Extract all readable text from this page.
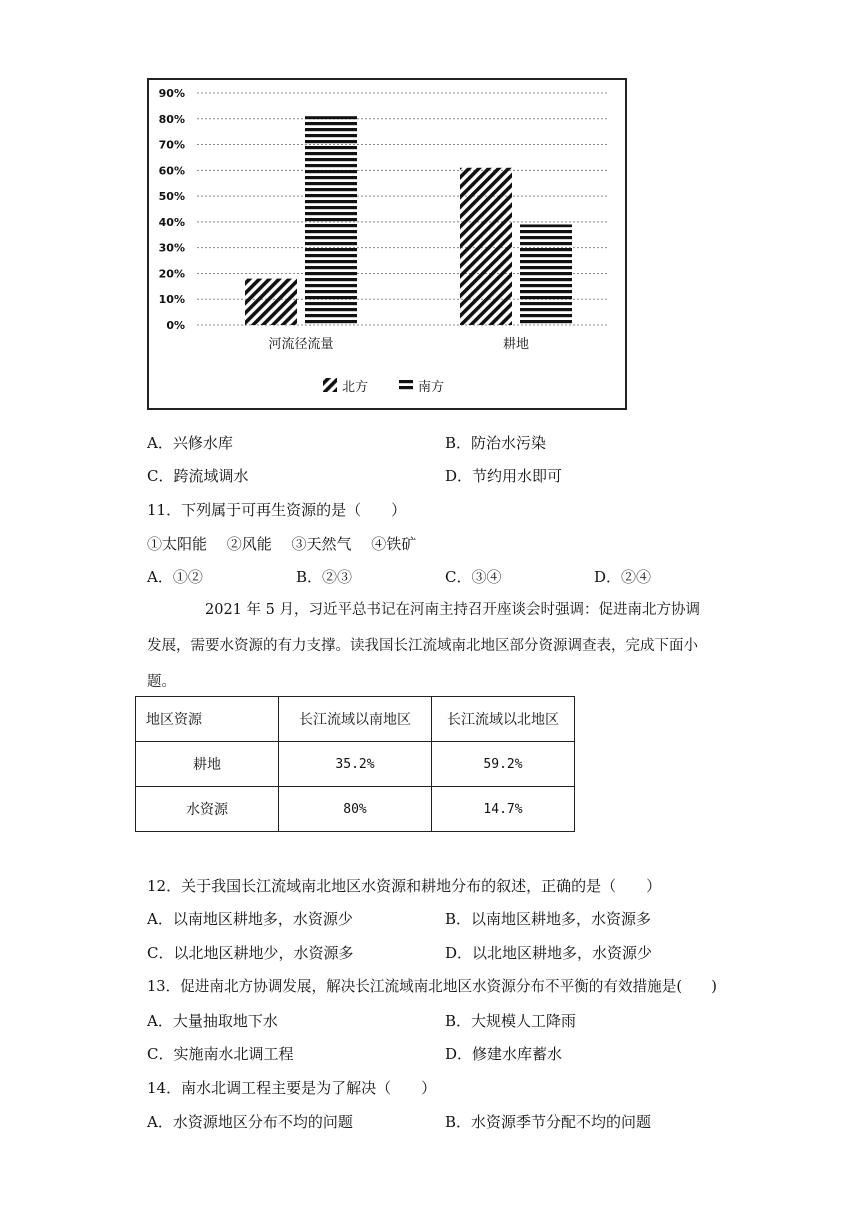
0%
10%
20%
30%
40%
50%
60%
70%
80%
90%
河流径流量	耕地
北方	南方
A．兴修水库	B．防治水污染
C．跨流域调水	D．节约用水即可
11．下列属于可再生资源的是（　　）
①太阳能　 ②风能　 ③天然气　 ④铁矿
A．①②	B．②③	C．③④	D．②④
2021 年 5 月，习近平总书记在河南主持召开座谈会时强调：促进南北方协调
发展，需要水资源的有力支撑。读我国长江流域南北地区部分资源调查表，完成下面小
题。
地区资源	长江流域以南地区	长江流域以北地区
耕地	35.2%	59.2%
水资源	80%	14.7%
12．关于我国长江流域南北地区水资源和耕地分布的叙述，正确的是（　　）
A．以南地区耕地多，水资源少	B．以南地区耕地多，水资源多
C．以北地区耕地少，水资源多	D．以北地区耕地多，水资源少
13．促进南北方协调发展，解决长江流域南北地区水资源分布不平衡的有效措施是(　　)
A．大量抽取地下水	B．大规模人工降雨
C．实施南水北调工程	D．修建水库蓄水
14．南水北调工程主要是为了解决（　　）
A．水资源地区分布不均的问题	B．水资源季节分配不均的问题
